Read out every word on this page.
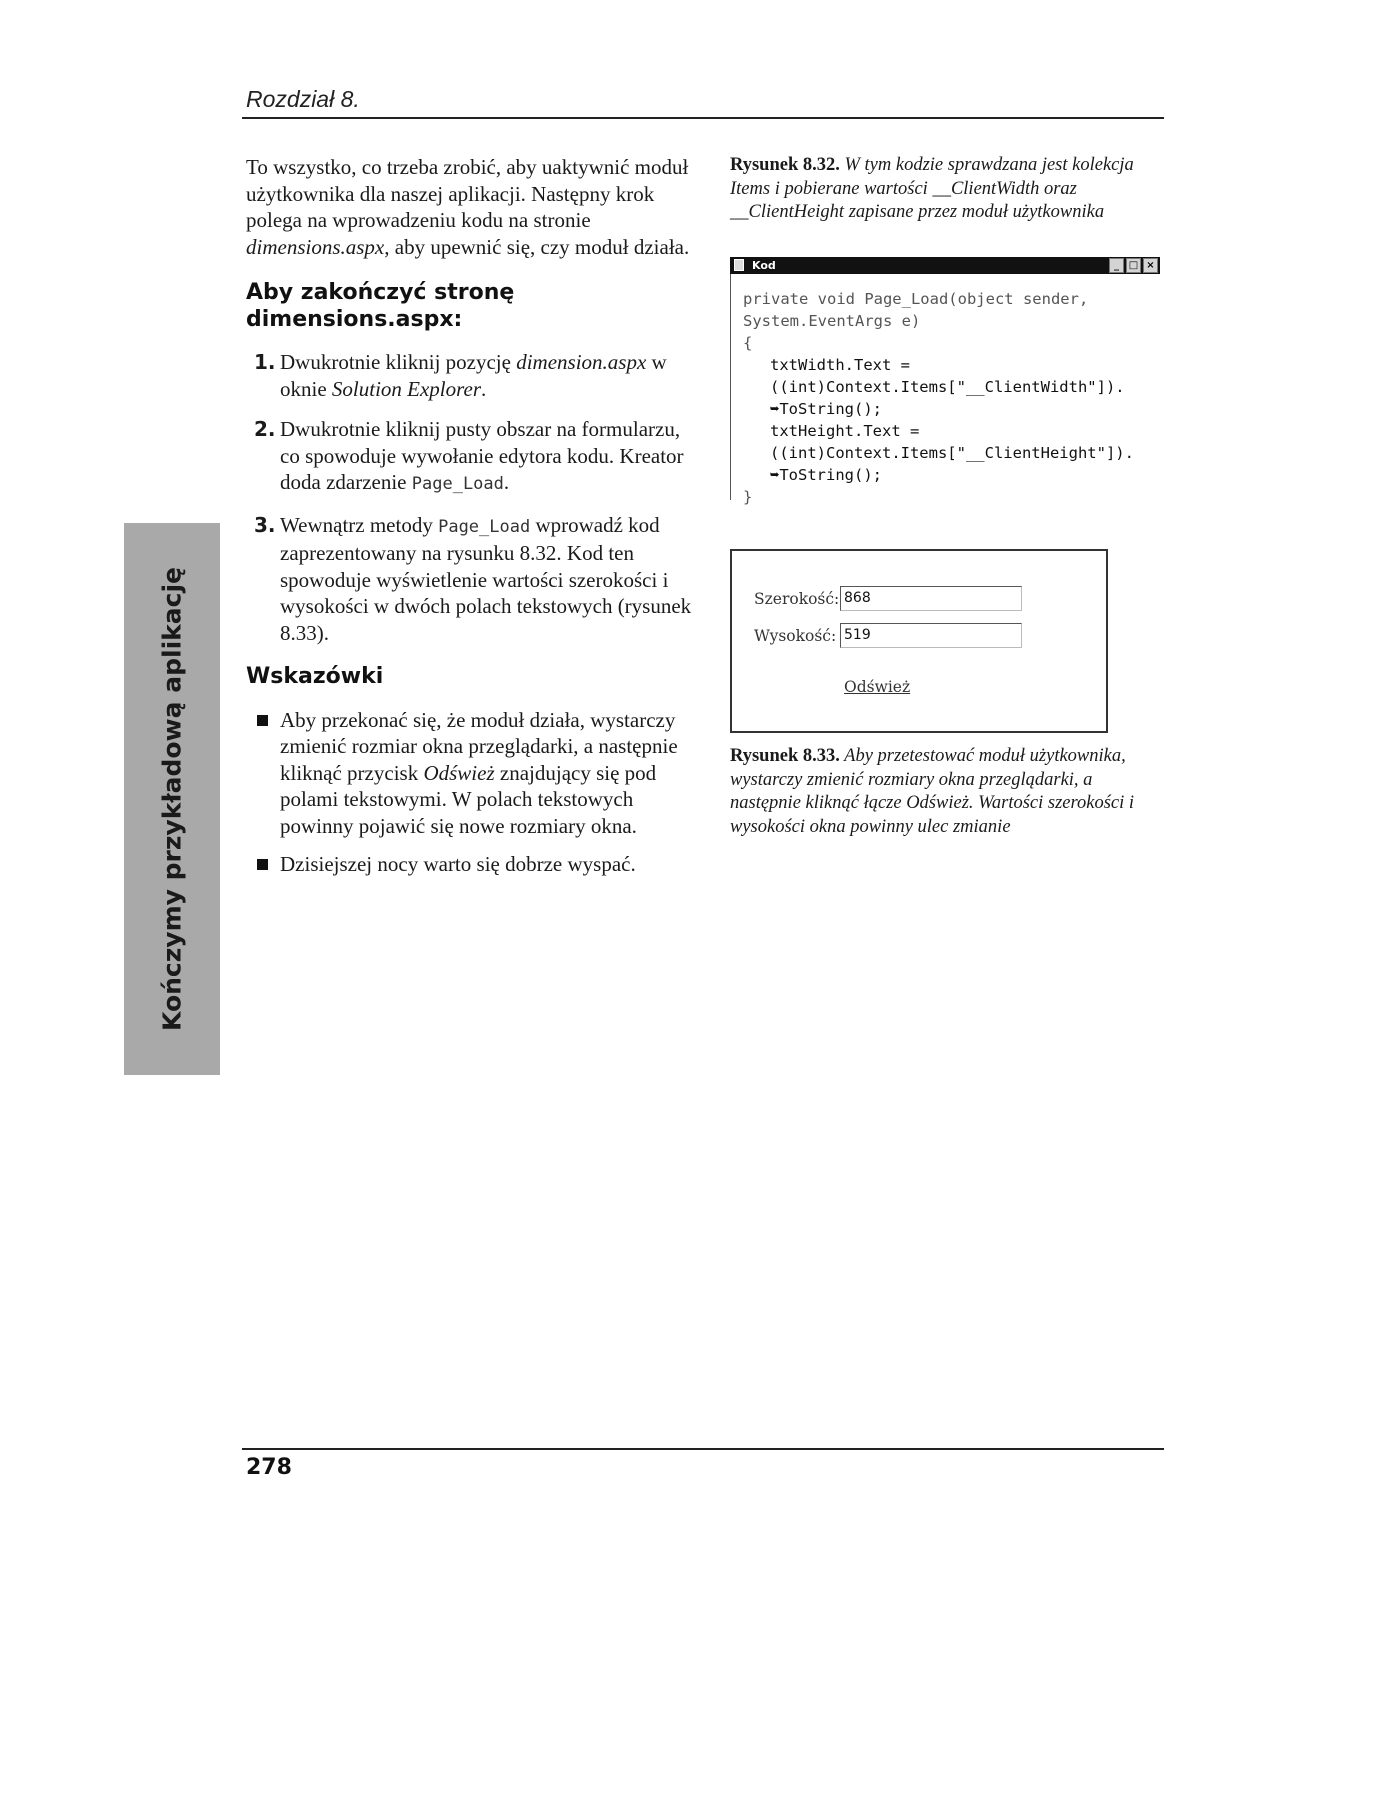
Rozdział 8.
Kończymy przykładową aplikację

To wszystko, co trzeba zrobić, aby uaktywnić moduł użytkownika dla naszej aplikacji. Następny krok polega na wprowadzeniu kodu na stronie dimensions.aspx, aby upewnić się, czy moduł działa.

Aby zakończyć stronę dimensions.aspx:
1. Dwukrotnie kliknij pozycję dimension.aspx w oknie Solution Explorer.
2. Dwukrotnie kliknij pusty obszar na formularzu, co spowoduje wywołanie edytora kodu. Kreator doda zdarzenie Page_Load.
3. Wewnątrz metody Page_Load wprowadź kod zaprezentowany na rysunku 8.32. Kod ten spowoduje wyświetlenie wartości szerokości i wysokości w dwóch polach tekstowych (rysunek 8.33).
Wskazówki
Aby przekonać się, że moduł działa, wystarczy zmienić rozmiar okna przeglądarki, a następnie kliknąć przycisk Odśwież znajdujący się pod polami tekstowymi. W polach tekstowych powinny pojawić się nowe rozmiary okna.
Dzisiejszej nocy warto się dobrze wyspać.
Rysunek 8.32. W tym kodzie sprawdzana jest kolekcja Items i pobierane wartości __ClientWidth oraz __ClientHeight zapisane przez moduł użytkownika
Kod	_ □ ×
private void Page_Load(object sender,
System.EventArgs e)
{
txtWidth.Text =
((int)Context.Items["__ClientWidth"]).
➥ToString();
txtHeight.Text =
((int)Context.Items["__ClientHeight"]).
➥ToString();
}
Szerokość: 868
Wysokość: 519
Odśwież
Rysunek 8.33. Aby przetestować moduł użytkownika, wystarczy zmienić rozmiary okna przeglądarki, a następnie kliknąć łącze Odśwież. Wartości szerokości i wysokości okna powinny ulec zmianie
278
